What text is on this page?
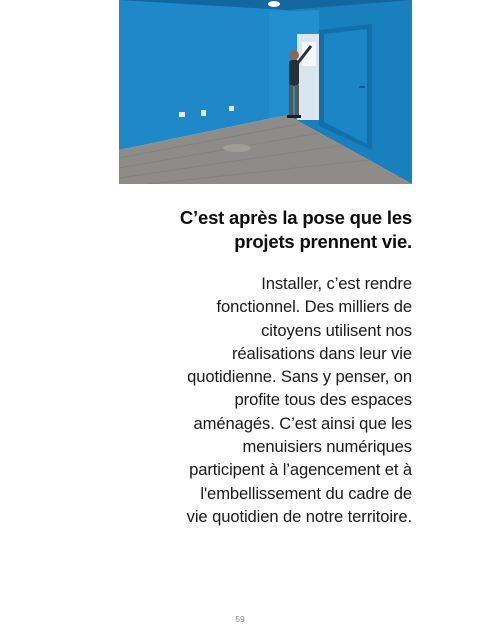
C’est après la pose que les
projets prennent vie.
Installer, c’est rendre
fonctionnel. Des milliers de
citoyens utilisent nos
réalisations dans leur vie
quotidienne. Sans y penser, on
profite tous des espaces
aménagés. C’est ainsi que les
menuisiers numériques
participent à l’agencement et à
l'embellissement du cadre de
vie quotidien de notre territoire.
59
